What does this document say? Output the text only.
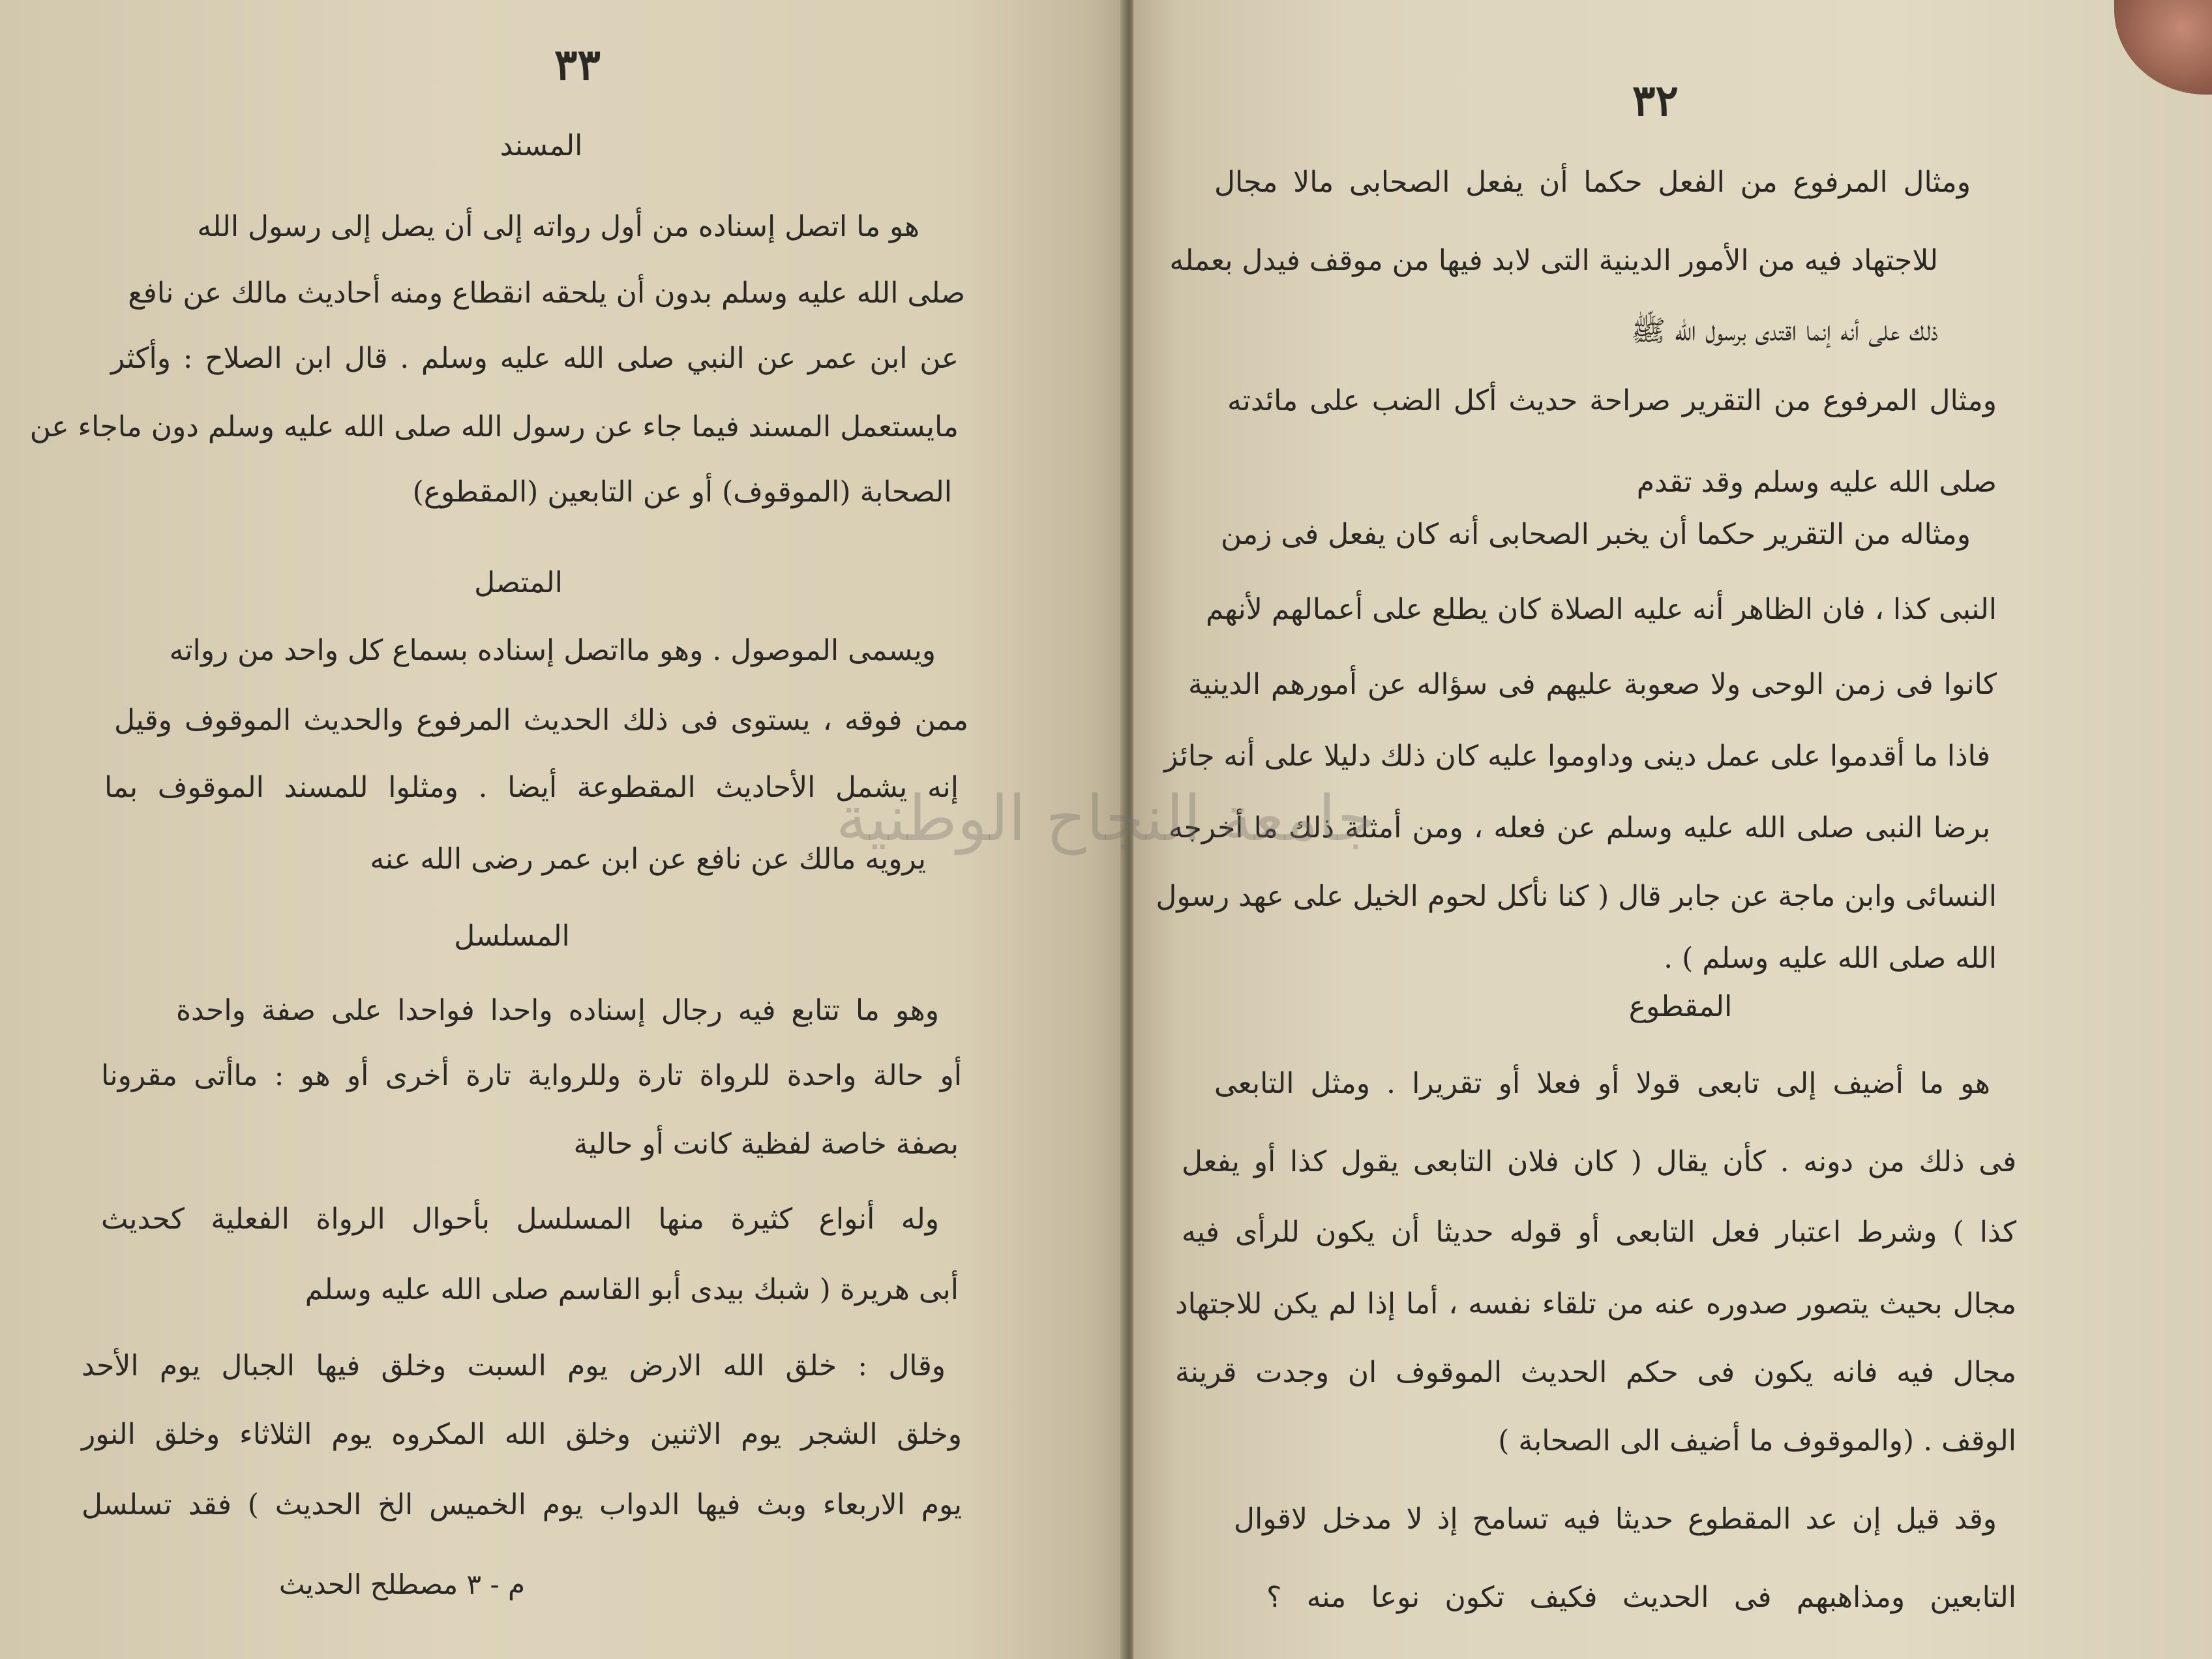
٣٣
المسند
هو ما اتصل إسناده من أول رواته إلى أن يصل إلى رسول الله
صلى الله عليه وسلم بدون أن يلحقه انقطاع ومنه أحاديث مالك عن نافع
عن ابن عمر عن النبي صلى الله عليه وسلم . قال ابن الصلاح : وأكثر
مايستعمل المسند فيما جاء عن رسول الله صلى الله عليه وسلم دون ماجاء عن
الصحابة (الموقوف) أو عن التابعين (المقطوع)
المتصل
ويسمى الموصول . وهو مااتصل إسناده بسماع كل واحد من رواته
ممن فوقه ، يستوى فى ذلك الحديث المرفوع والحديث الموقوف وقيل
إنه يشمل الأحاديث المقطوعة أيضا . ومثلوا للمسند الموقوف بما
يرويه مالك عن نافع عن ابن عمر رضى الله عنه
المسلسل
وهو ما تتابع فيه رجال إسناده واحدا فواحدا على صفة واحدة
أو حالة واحدة للرواة تارة وللرواية تارة أخرى أو هو : ماأتى مقرونا
بصفة خاصة لفظية كانت أو حالية
وله أنواع كثيرة منها المسلسل بأحوال الرواة الفعلية كحديث
أبى هريرة ( شبك بيدى أبو القاسم صلى الله عليه وسلم
وقال : خلق الله الارض يوم السبت وخلق فيها الجبال يوم الأحد
وخلق الشجر يوم الاثنين وخلق الله المكروه يوم الثلاثاء وخلق النور
يوم الاربعاء وبث فيها الدواب يوم الخميس الخ الحديث ) فقد تسلسل
م - ٣ مصطلح الحديث
٣٢
ومثال المرفوع من الفعل حكما أن يفعل الصحابى مالا مجال
للاجتهاد فيه من الأمور الدينية التى لابد فيها من موقف فيدل بعمله
ذلك على أنه إنما اقتدى برسول الله ﷺ
ومثال المرفوع من التقرير صراحة حديث أكل الضب على مائدته
صلى الله عليه وسلم وقد تقدم
ومثاله من التقرير حكما أن يخبر الصحابى أنه كان يفعل فى زمن
النبى كذا ، فان الظاهر أنه عليه الصلاة كان يطلع على أعمالهم لأنهم
كانوا فى زمن الوحى ولا صعوبة عليهم فى سؤاله عن أمورهم الدينية
فاذا ما أقدموا على عمل دينى وداوموا عليه كان ذلك دليلا على أنه جائز
برضا النبى صلى الله عليه وسلم عن فعله ، ومن أمثلة ذلك ما أخرجه
النسائى وابن ماجة عن جابر قال ( كنا نأكل لحوم الخيل على عهد رسول
الله صلى الله عليه وسلم ) .
المقطوع
هو ما أضيف إلى تابعى قولا أو فعلا أو تقريرا . ومثل التابعى
فى ذلك من دونه . كأن يقال ( كان فلان التابعى يقول كذا أو يفعل
كذا ) وشرط اعتبار فعل التابعى أو قوله حديثا أن يكون للرأى فيه
مجال بحيث يتصور صدوره عنه من تلقاء نفسه ، أما إذا لم يكن للاجتهاد
مجال فيه فانه يكون فى حكم الحديث الموقوف ان وجدت قرينة
الوقف . (والموقوف ما أضيف الى الصحابة )
وقد قيل إن عد المقطوع حديثا فيه تسامح إذ لا مدخل لاقوال
التابعين ومذاهبهم فى الحديث فكيف تكون نوعا منه ؟
جامعة النجاح الوطنية
